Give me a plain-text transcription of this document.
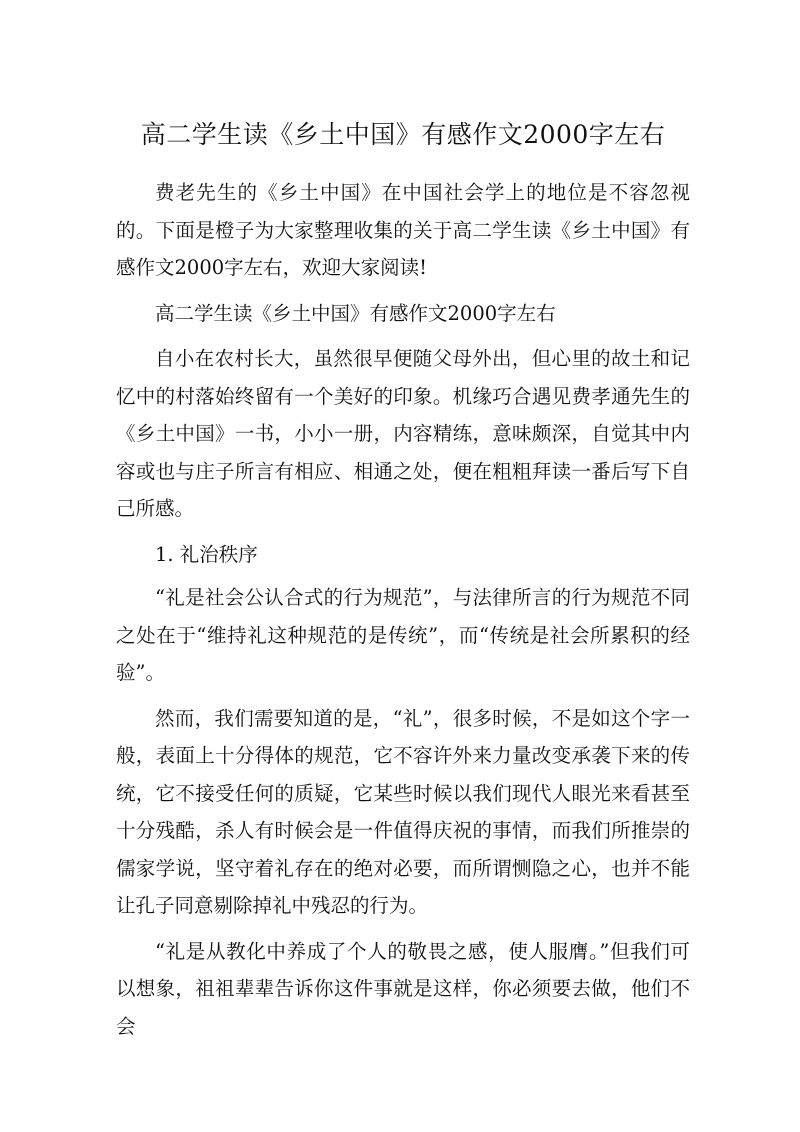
高二学生读《乡土中国》有感作文2000字左右

费老先生的《乡土中国》在中国社会学上的地位是不容忽视的。下面是橙子为大家整理收集的关于高二学生读《乡土中国》有感作文2000字左右，欢迎大家阅读!

高二学生读《乡土中国》有感作文2000字左右

自小在农村长大，虽然很早便随父母外出，但心里的故土和记忆中的村落始终留有一个美好的印象。机缘巧合遇见费孝通先生的《乡土中国》一书，小小一册，内容精练，意味颇深，自觉其中内容或也与庄子所言有相应、相通之处，便在粗粗拜读一番后写下自己所感。

1. 礼治秩序

“礼是社会公认合式的行为规范”，与法律所言的行为规范不同之处在于“维持礼这种规范的是传统”，而“传统是社会所累积的经验”。

然而，我们需要知道的是，“礼”，很多时候，不是如这个字一般，表面上十分得体的规范，它不容许外来力量改变承袭下来的传统，它不接受任何的质疑，它某些时候以我们现代人眼光来看甚至十分残酷，杀人有时候会是一件值得庆祝的事情，而我们所推崇的儒家学说，坚守着礼存在的绝对必要，而所谓恻隐之心，也并不能让孔子同意剔除掉礼中残忍的行为。

“礼是从教化中养成了个人的敬畏之感，使人服膺。”但我们可以想象，祖祖辈辈告诉你这件事就是这样，你必须要去做，他们不会
